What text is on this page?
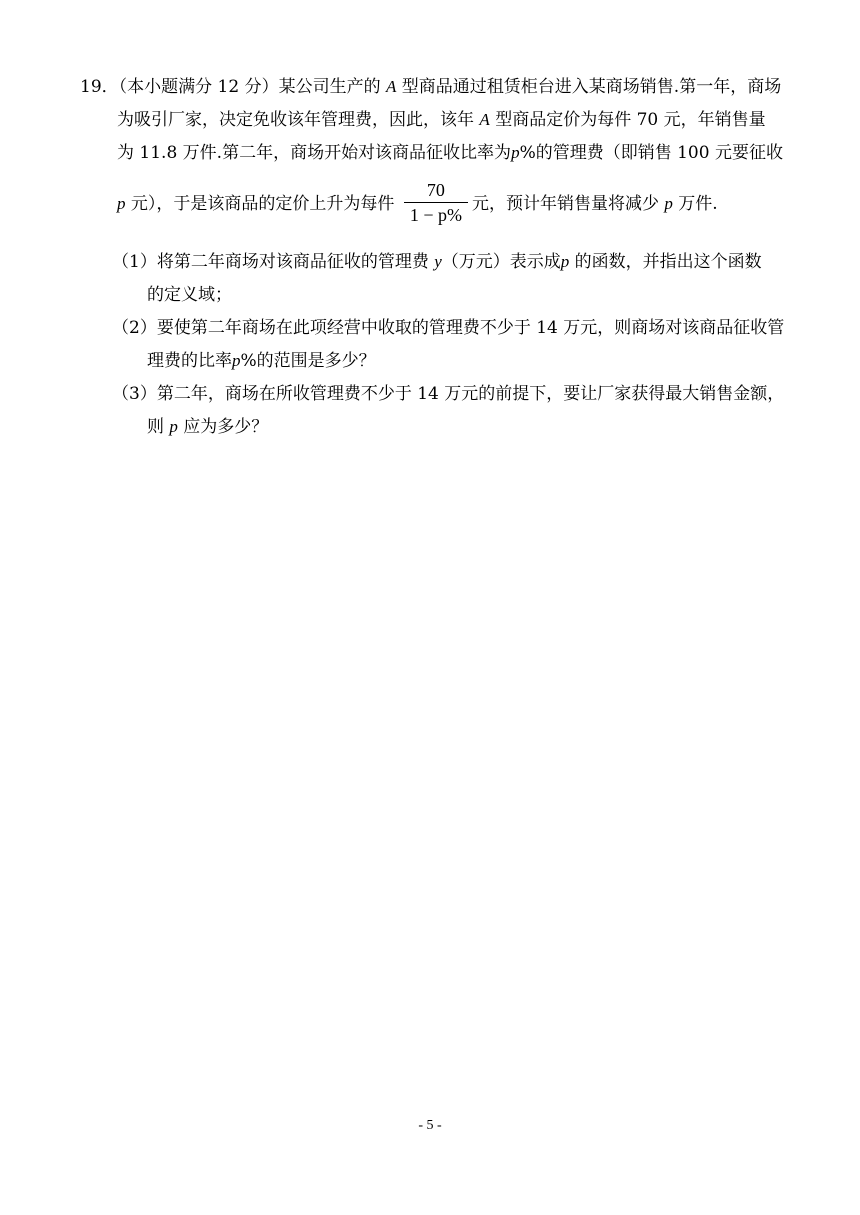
19．（本小题满分 12 分）某公司生产的 A 型商品通过租赁柜台进入某商场销售.第一年，商场
为吸引厂家，决定免收该年管理费，因此，该年 A 型商品定价为每件 70 元，年销售量
为 11.8 万件.第二年，商场开始对该商品征收比率为p%的管理费（即销售 100 元要征收
p 元），于是该商品的定价上升为每件 $\frac{70}{1 - p\%}$ 元，预计年销售量将减少 p 万件.
（1）将第二年商场对该商品征收的管理费 y（万元）表示成p 的函数，并指出这个函数
的定义域；
（2）要使第二年商场在此项经营中收取的管理费不少于 14 万元，则商场对该商品征收管
理费的比率p%的范围是多少？
（3）第二年，商场在所收管理费不少于 14 万元的前提下，要让厂家获得最大销售金额，
则 p 应为多少？
- 5 -
